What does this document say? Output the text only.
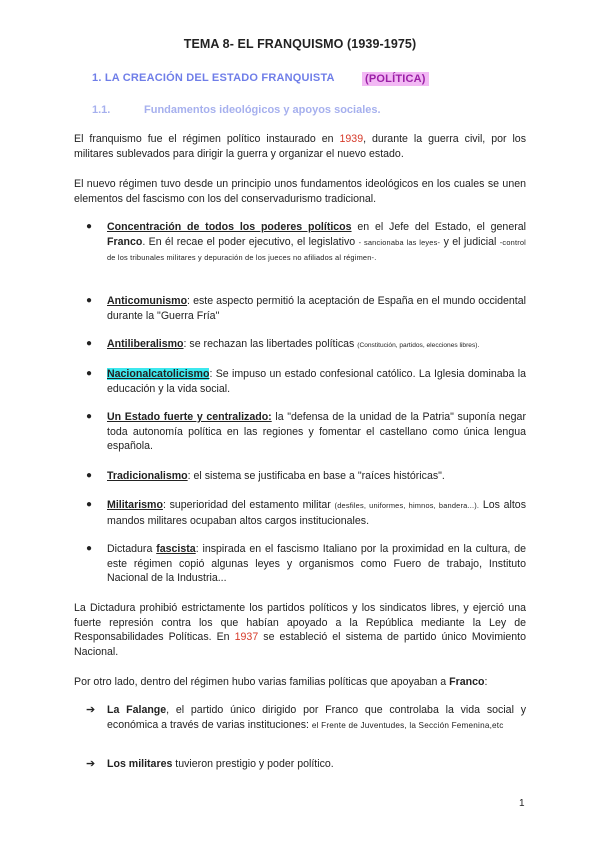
TEMA 8- EL FRANQUISMO (1939-1975)
1. LA CREACIÓN DEL ESTADO FRANQUISTA	(POLÍTICA)
1.1.	Fundamentos ideológicos y apoyos sociales.
El franquismo fue el régimen político instaurado en 1939, durante la guerra civil, por los militares sublevados para dirigir la guerra y organizar el nuevo estado.
El nuevo régimen tuvo desde un principio unos fundamentos ideológicos en los cuales se unen elementos del fascismo con los del conservadurismo tradicional.
● Concentración de todos los poderes políticos en el Jefe del Estado, el general Franco. En él recae el poder ejecutivo, el legislativo - sancionaba las leyes- y el judicial -control de los tribunales militares y depuración de los jueces no afiliados al régimen-.
● Anticomunismo: este aspecto permitió la aceptación de España en el mundo occidental durante la "Guerra Fría"
● Antiliberalismo: se rechazan las libertades políticas (Constitución, partidos, elecciones libres).
● Nacionalcatolicismo: Se impuso un estado confesional católico. La Iglesia dominaba la educación y la vida social.
● Un Estado fuerte y centralizado: la "defensa de la unidad de la Patria" suponía negar toda autonomía política en las regiones y fomentar el castellano como única lengua española.
● Tradicionalismo: el sistema se justificaba en base a "raíces históricas".
● Militarismo: superioridad del estamento militar (desfiles, uniformes, himnos, bandera...). Los altos mandos militares ocupaban altos cargos institucionales.
● Dictadura fascista: inspirada en el fascismo Italiano por la proximidad en la cultura, de este régimen copió algunas leyes y organismos como Fuero de trabajo, Instituto Nacional de la Industria...
La Dictadura prohibió estrictamente los partidos políticos y los sindicatos libres, y ejerció una fuerte represión contra los que habían apoyado a la República mediante la Ley de Responsabilidades Políticas. En 1937 se estableció el sistema de partido único Movimiento Nacional.
Por otro lado, dentro del régimen hubo varias familias políticas que apoyaban a Franco:
➔ La Falange, el partido único dirigido por Franco que controlaba la vida social y económica a través de varias instituciones: el Frente de Juventudes, la Sección Femenina,etc
➔ Los militares tuvieron prestigio y poder político.
1
